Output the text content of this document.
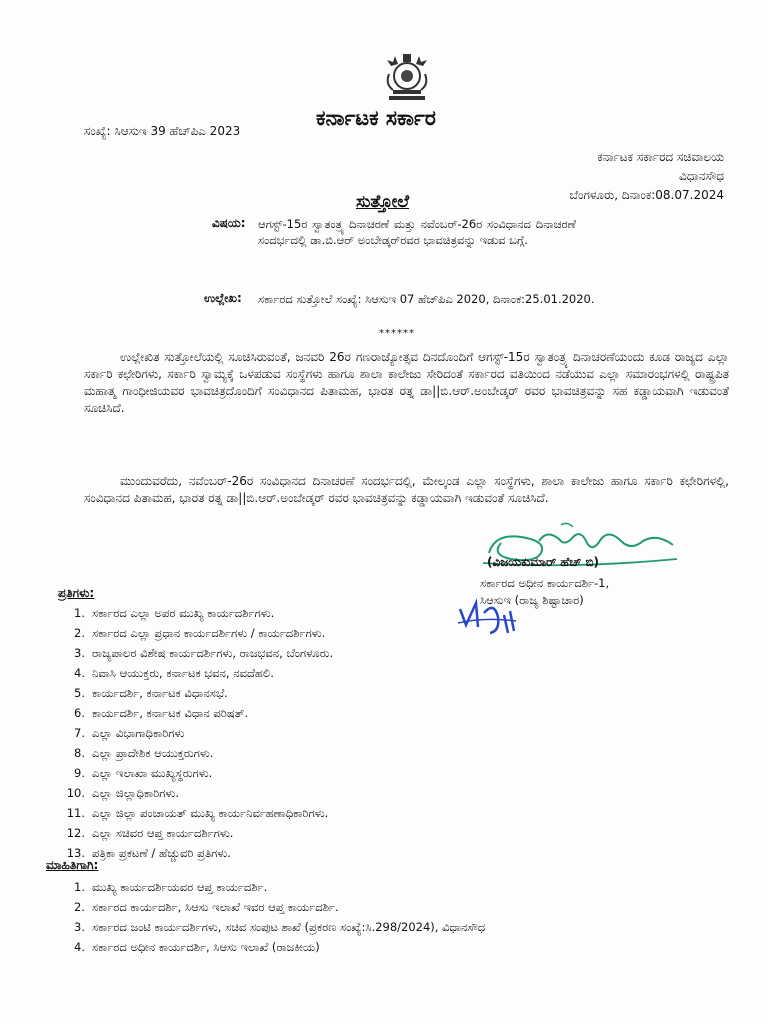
ಕರ್ನಾಟಕ ಸರ್ಕಾರ
ಸಂಖ್ಯೆ: ಸಿಆಸುಇ 39 ಹೆಚ್‌ಪಿಎ 2023
ಕರ್ನಾಟಕ ಸರ್ಕಾರದ ಸಚಿವಾಲಯ
ವಿಧಾನಸೌಧ
ಬೆಂಗಳೂರು, ದಿನಾಂಕ:08.07.2024
ಸುತ್ತೋಲೆ
ವಿಷಯ: ಆಗಸ್ಟ್-15ರ ಸ್ವಾತಂತ್ರ್ಯ ದಿನಾಚರಣೆ ಮತ್ತು ನವೆಂಬರ್-26ರ ಸಂವಿಧಾನದ ದಿನಾಚರಣೆ ಸಂದರ್ಭದಲ್ಲಿ ಡಾ.ಬಿ.ಆರ್ ಅಂಬೇಡ್ಕರ್‌ರವರ ಭಾವಚಿತ್ರವನ್ನು ಇಡುವ ಬಗ್ಗೆ.
ಉಲ್ಲೇಖ: ಸರ್ಕಾರದ ಸುತ್ತೋಲೆ ಸಂಖ್ಯೆ: ಸಿಆಸುಇ 07 ಹೆಚ್‌ಪಿಎ 2020, ದಿನಾಂಕ:25.01.2020.
******
ಉಲ್ಲೇಖಿತ ಸುತ್ತೋಲೆಯಲ್ಲಿ ಸೂಚಿಸಿರುವಂತೆ, ಜನವರಿ 26ರ ಗಣರಾಜ್ಯೋತ್ಸವ ದಿನದೊಂದಿಗೆ ಆಗಸ್ಟ್-15ರ ಸ್ವಾತಂತ್ರ್ಯ ದಿನಾಚರಣೆಯಂದು ಕೂಡ ರಾಜ್ಯದ ಎಲ್ಲಾ ಸರ್ಕಾರಿ ಕಛೇರಿಗಳು, ಸರ್ಕಾರಿ ಸ್ವಾಮ್ಯಕ್ಕೆ ಒಳಪಡುವ ಸಂಸ್ಥೆಗಳು ಹಾಗೂ ಶಾಲಾ ಕಾಲೇಜು ಸೇರಿದಂತೆ ಸರ್ಕಾರದ ವತಿಯಿಂದ ನಡೆಯುವ ಎಲ್ಲಾ ಸಮಾರಂಭಗಳಲ್ಲಿ ರಾಷ್ಟ್ರಪಿತ ಮಹಾತ್ಮ ಗಾಂಧೀಜಿಯವರ ಭಾವಚಿತ್ರದೊಂದಿಗೆ ಸಂವಿಧಾನದ ಪಿತಾಮಹ, ಭಾರತ ರತ್ನ ಡಾ||ಬಿ.ಆರ್.ಅಂಬೇಡ್ಕರ್ ರವರ ಭಾವಚಿತ್ರವನ್ನು ಸಹ ಕಡ್ಡಾಯವಾಗಿ ಇಡುವಂತೆ ಸೂಚಿಸಿದೆ.
ಮುಂದುವರೆದು, ನವೆಂಬರ್-26ರ ಸಂವಿಧಾನದ ದಿನಾಚರಣೆ ಸಂದರ್ಭದಲ್ಲಿ, ಮೇಲ್ಕಂಡ ಎಲ್ಲಾ ಸಂಸ್ಥೆಗಳು, ಶಾಲಾ ಕಾಲೇಜು ಹಾಗೂ ಸರ್ಕಾರಿ ಕಛೇರಿಗಳಲ್ಲಿ, ಸಂವಿಧಾನದ ಪಿತಾಮಹ, ಭಾರತ ರತ್ನ ಡಾ||ಬಿ.ಆರ್.ಅಂಬೇಡ್ಕರ್ ರವರ ಭಾವಚಿತ್ರವನ್ನು ಕಡ್ಡಾಯವಾಗಿ ಇಡುವಂತೆ ಸೂಚಿಸಿದೆ.
(ವಿಜಯಕುಮಾರ್ ಹೆಚ್ ಬಿ)
ಸರ್ಕಾರದ ಅಧೀನ ಕಾರ್ಯದರ್ಶಿ-1,
ಸಿಆಸುಇ (ರಾಜ್ಯ ಶಿಷ್ಟಾಚಾರ)
ಪ್ರತಿಗಳು:
1. ಸರ್ಕಾರದ ಎಲ್ಲಾ ಅಪರ ಮುಖ್ಯ ಕಾರ್ಯದರ್ಶಿಗಳು.
2. ಸರ್ಕಾರದ ಎಲ್ಲಾ ಪ್ರಧಾನ ಕಾರ್ಯದರ್ಶಿಗಳು / ಕಾರ್ಯದರ್ಶಿಗಳು.
3. ರಾಜ್ಯಪಾಲರ ವಿಶೇಷ ಕಾರ್ಯದರ್ಶಿಗಳು, ರಾಜಭವನ, ಬೆಂಗಳೂರು.
4. ನಿವಾಸಿ ಆಯುಕ್ತರು, ಕರ್ನಾಟಕ ಭವನ, ನವದೆಹಲಿ.
5. ಕಾರ್ಯದರ್ಶಿ, ಕರ್ನಾಟಕ ವಿಧಾನಸಭೆ.
6. ಕಾರ್ಯದರ್ಶಿ, ಕರ್ನಾಟಕ ವಿಧಾನ ಪರಿಷತ್.
7. ಎಲ್ಲಾ ವಿಭಾಗಾಧಿಕಾರಿಗಳು
8. ಎಲ್ಲಾ ಪ್ರಾದೇಶಿಕ ಆಯುಕ್ತರುಗಳು.
9. ಎಲ್ಲಾ ಇಲಾಖಾ ಮುಖ್ಯಸ್ಥರುಗಳು.
10. ಎಲ್ಲಾ ಜಿಲ್ಲಾಧಿಕಾರಿಗಳು.
11. ಎಲ್ಲಾ ಜಿಲ್ಲಾ ಪಂಚಾಯತ್ ಮುಖ್ಯ ಕಾರ್ಯನಿರ್ವಹಣಾಧಿಕಾರಿಗಳು.
12. ಎಲ್ಲಾ ಸಚಿವರ ಆಪ್ತ ಕಾರ್ಯದರ್ಶಿಗಳು.
13. ಪತ್ರಿಕಾ ಪ್ರಕಟಣೆ / ಹೆಚ್ಚುವರಿ ಪ್ರತಿಗಳು.
ಮಾಹಿತಿಗಾಗಿ:
1. ಮುಖ್ಯ ಕಾರ್ಯದರ್ಶಿಯವರ ಆಪ್ತ ಕಾರ್ಯದರ್ಶಿ.
2. ಸರ್ಕಾರದ ಕಾರ್ಯದರ್ಶಿ, ಸಿಆಸು ಇಲಾಖೆ ಇವರ ಆಪ್ತ ಕಾರ್ಯದರ್ಶಿ.
3. ಸರ್ಕಾರದ ಜಂಟಿ ಕಾರ್ಯದರ್ಶಿಗಳು, ಸಚಿವ ಸಂಪುಟ ಶಾಖೆ (ಪ್ರಕರಣ ಸಂಖ್ಯೆ:ಸಿ.298/2024), ವಿಧಾನಸೌಧ
4. ಸರ್ಕಾರದ ಅಧೀನ ಕಾರ್ಯದರ್ಶಿ, ಸಿಆಸು ಇಲಾಖೆ (ರಾಜಕೀಯ)
